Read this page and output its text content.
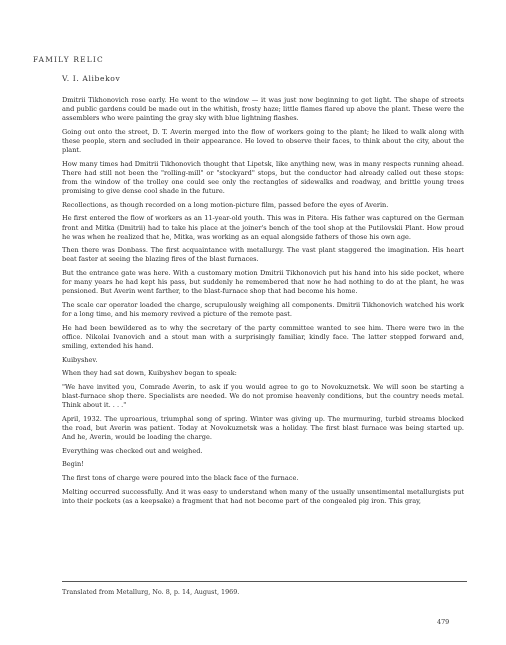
FAMILY RELIC
V. I. Alibekov

Dmitrii Tikhonovich rose early. He went to the window — it was just now beginning to get light. The shape of streets and public gardens could be made out in the whitish, frosty haze; little flames flared up above the plant. These were the assemblers who were painting the gray sky with blue lightning flashes.

Going out onto the street, D. T. Averin merged into the flow of workers going to the plant; he liked to walk along with these people, stern and secluded in their appearance. He loved to observe their faces, to think about the city, about the plant.

How many times had Dmitrii Tikhonovich thought that Lipetsk, like anything new, was in many respects running ahead. There had still not been the "rolling-mill" or "stockyard" stops, but the conductor had already called out these stops: from the window of the trolley one could see only the rectangles of sidewalks and roadway, and brittle young trees promising to give dense cool shade in the future.

Recollections, as though recorded on a long motion-picture film, passed before the eyes of Averin.

He first entered the flow of workers as an 11-year-old youth. This was in Pitera. His father was captured on the German front and Mitka (Dmitrii) had to take his place at the joiner's bench of the tool shop at the Putilovskii Plant. How proud he was when he realized that he, Mitka, was working as an equal alongside fathers of those his own age.

Then there was Donbass. The first acquaintance with metallurgy. The vast plant staggered the imagination. His heart beat faster at seeing the blazing fires of the blast furnaces.

But the entrance gate was here. With a customary motion Dmitrii Tikhonovich put his hand into his side pocket, where for many years he had kept his pass, but suddenly he remembered that now he had nothing to do at the plant, he was pensioned. But Averin went farther, to the blast-furnace shop that had become his home.

The scale car operator loaded the charge, scrupulously weighing all components. Dmitrii Tikhonovich watched his work for a long time, and his memory revived a picture of the remote past.

He had been bewildered as to why the secretary of the party committee wanted to see him. There were two in the office. Nikolai Ivanovich and a stout man with a surprisingly familiar, kindly face. The latter stepped forward and, smiling, extended his hand.

Kuibyshev.

When they had sat down, Kuibyshev began to speak:

"We have invited you, Comrade Averin, to ask if you would agree to go to Novokuznetsk. We will soon be starting a blast-furnace shop there. Specialists are needed. We do not promise heavenly conditions, but the country needs metal. Think about it. . . ."

April, 1932. The uproarious, triumphal song of spring. Winter was giving up. The murmuring, turbid streams blocked the road, but Averin was patient. Today at Novokuznetsk was a holiday. The first blast furnace was being started up. And he, Averin, would be loading the charge.

Everything was checked out and weighed.

Begin!

The first tons of charge were poured into the black face of the furnace.

Melting occurred successfully. And it was easy to understand when many of the usually unsentimental metallurgists put into their pockets (as a keepsake) a fragment that had not become part of the congealed pig iron. This gray,

Translated from Metallurg, No. 8, p. 14, August, 1969.
479
